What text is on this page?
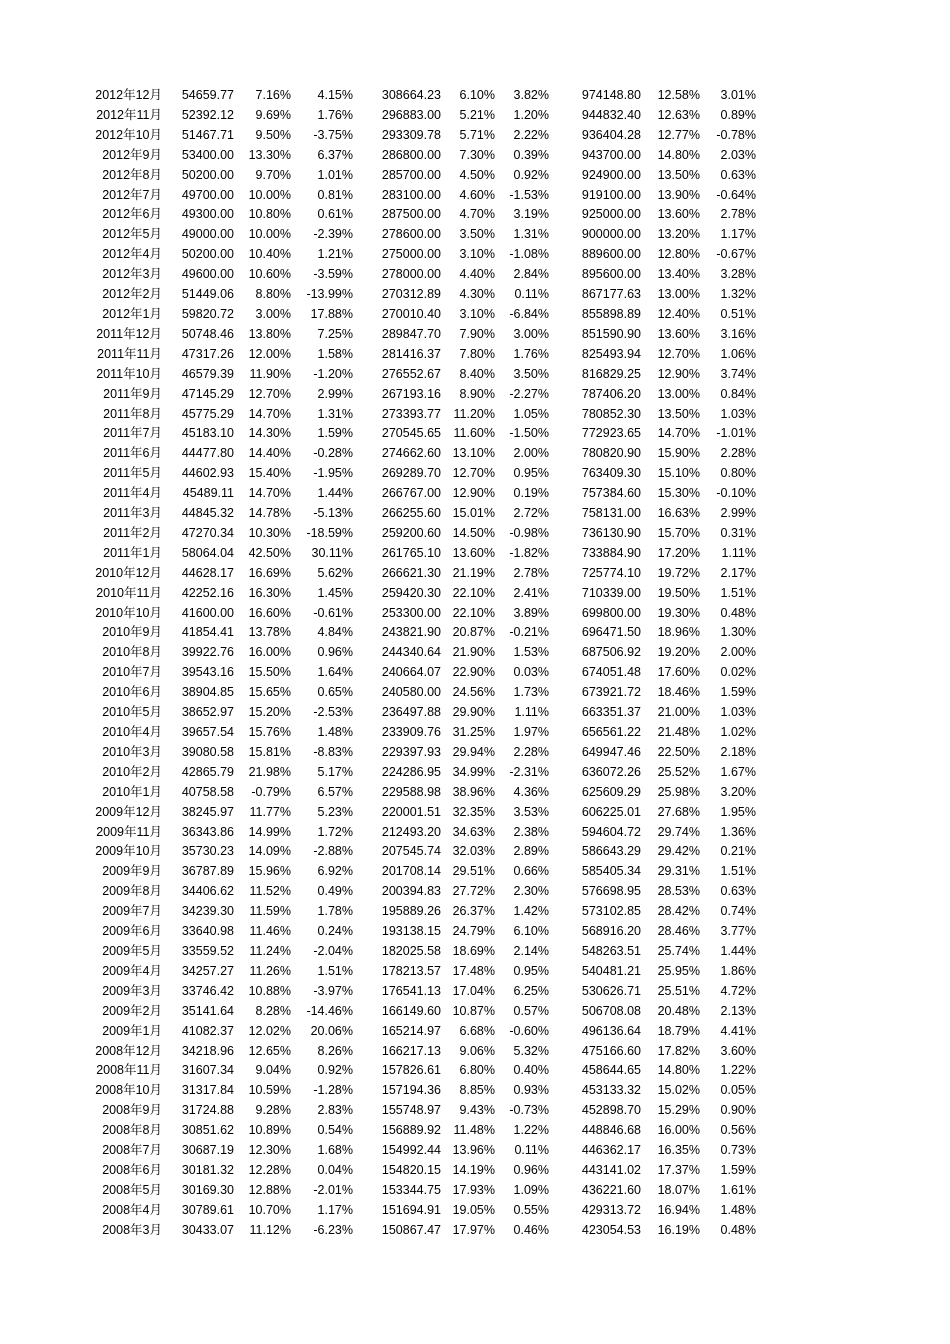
2012年12月	54659.77	7.16%	4.15%	308664.23	6.10%	3.82%	974148.80	12.58%	3.01%
2012年11月	52392.12	9.69%	1.76%	296883.00	5.21%	1.20%	944832.40	12.63%	0.89%
2012年10月	51467.71	9.50%	-3.75%	293309.78	5.71%	2.22%	936404.28	12.77%	-0.78%
2012年9月	53400.00	13.30%	6.37%	286800.00	7.30%	0.39%	943700.00	14.80%	2.03%
2012年8月	50200.00	9.70%	1.01%	285700.00	4.50%	0.92%	924900.00	13.50%	0.63%
2012年7月	49700.00	10.00%	0.81%	283100.00	4.60%	-1.53%	919100.00	13.90%	-0.64%
2012年6月	49300.00	10.80%	0.61%	287500.00	4.70%	3.19%	925000.00	13.60%	2.78%
2012年5月	49000.00	10.00%	-2.39%	278600.00	3.50%	1.31%	900000.00	13.20%	1.17%
2012年4月	50200.00	10.40%	1.21%	275000.00	3.10%	-1.08%	889600.00	12.80%	-0.67%
2012年3月	49600.00	10.60%	-3.59%	278000.00	4.40%	2.84%	895600.00	13.40%	3.28%
2012年2月	51449.06	8.80%	-13.99%	270312.89	4.30%	0.11%	867177.63	13.00%	1.32%
2012年1月	59820.72	3.00%	17.88%	270010.40	3.10%	-6.84%	855898.89	12.40%	0.51%
2011年12月	50748.46	13.80%	7.25%	289847.70	7.90%	3.00%	851590.90	13.60%	3.16%
2011年11月	47317.26	12.00%	1.58%	281416.37	7.80%	1.76%	825493.94	12.70%	1.06%
2011年10月	46579.39	11.90%	-1.20%	276552.67	8.40%	3.50%	816829.25	12.90%	3.74%
2011年9月	47145.29	12.70%	2.99%	267193.16	8.90%	-2.27%	787406.20	13.00%	0.84%
2011年8月	45775.29	14.70%	1.31%	273393.77	11.20%	1.05%	780852.30	13.50%	1.03%
2011年7月	45183.10	14.30%	1.59%	270545.65	11.60%	-1.50%	772923.65	14.70%	-1.01%
2011年6月	44477.80	14.40%	-0.28%	274662.60	13.10%	2.00%	780820.90	15.90%	2.28%
2011年5月	44602.93	15.40%	-1.95%	269289.70	12.70%	0.95%	763409.30	15.10%	0.80%
2011年4月	45489.11	14.70%	1.44%	266767.00	12.90%	0.19%	757384.60	15.30%	-0.10%
2011年3月	44845.32	14.78%	-5.13%	266255.60	15.01%	2.72%	758131.00	16.63%	2.99%
2011年2月	47270.34	10.30%	-18.59%	259200.60	14.50%	-0.98%	736130.90	15.70%	0.31%
2011年1月	58064.04	42.50%	30.11%	261765.10	13.60%	-1.82%	733884.90	17.20%	1.11%
2010年12月	44628.17	16.69%	5.62%	266621.30	21.19%	2.78%	725774.10	19.72%	2.17%
2010年11月	42252.16	16.30%	1.45%	259420.30	22.10%	2.41%	710339.00	19.50%	1.51%
2010年10月	41600.00	16.60%	-0.61%	253300.00	22.10%	3.89%	699800.00	19.30%	0.48%
2010年9月	41854.41	13.78%	4.84%	243821.90	20.87%	-0.21%	696471.50	18.96%	1.30%
2010年8月	39922.76	16.00%	0.96%	244340.64	21.90%	1.53%	687506.92	19.20%	2.00%
2010年7月	39543.16	15.50%	1.64%	240664.07	22.90%	0.03%	674051.48	17.60%	0.02%
2010年6月	38904.85	15.65%	0.65%	240580.00	24.56%	1.73%	673921.72	18.46%	1.59%
2010年5月	38652.97	15.20%	-2.53%	236497.88	29.90%	1.11%	663351.37	21.00%	1.03%
2010年4月	39657.54	15.76%	1.48%	233909.76	31.25%	1.97%	656561.22	21.48%	1.02%
2010年3月	39080.58	15.81%	-8.83%	229397.93	29.94%	2.28%	649947.46	22.50%	2.18%
2010年2月	42865.79	21.98%	5.17%	224286.95	34.99%	-2.31%	636072.26	25.52%	1.67%
2010年1月	40758.58	-0.79%	6.57%	229588.98	38.96%	4.36%	625609.29	25.98%	3.20%
2009年12月	38245.97	11.77%	5.23%	220001.51	32.35%	3.53%	606225.01	27.68%	1.95%
2009年11月	36343.86	14.99%	1.72%	212493.20	34.63%	2.38%	594604.72	29.74%	1.36%
2009年10月	35730.23	14.09%	-2.88%	207545.74	32.03%	2.89%	586643.29	29.42%	0.21%
2009年9月	36787.89	15.96%	6.92%	201708.14	29.51%	0.66%	585405.34	29.31%	1.51%
2009年8月	34406.62	11.52%	0.49%	200394.83	27.72%	2.30%	576698.95	28.53%	0.63%
2009年7月	34239.30	11.59%	1.78%	195889.26	26.37%	1.42%	573102.85	28.42%	0.74%
2009年6月	33640.98	11.46%	0.24%	193138.15	24.79%	6.10%	568916.20	28.46%	3.77%
2009年5月	33559.52	11.24%	-2.04%	182025.58	18.69%	2.14%	548263.51	25.74%	1.44%
2009年4月	34257.27	11.26%	1.51%	178213.57	17.48%	0.95%	540481.21	25.95%	1.86%
2009年3月	33746.42	10.88%	-3.97%	176541.13	17.04%	6.25%	530626.71	25.51%	4.72%
2009年2月	35141.64	8.28%	-14.46%	166149.60	10.87%	0.57%	506708.08	20.48%	2.13%
2009年1月	41082.37	12.02%	20.06%	165214.97	6.68%	-0.60%	496136.64	18.79%	4.41%
2008年12月	34218.96	12.65%	8.26%	166217.13	9.06%	5.32%	475166.60	17.82%	3.60%
2008年11月	31607.34	9.04%	0.92%	157826.61	6.80%	0.40%	458644.65	14.80%	1.22%
2008年10月	31317.84	10.59%	-1.28%	157194.36	8.85%	0.93%	453133.32	15.02%	0.05%
2008年9月	31724.88	9.28%	2.83%	155748.97	9.43%	-0.73%	452898.70	15.29%	0.90%
2008年8月	30851.62	10.89%	0.54%	156889.92	11.48%	1.22%	448846.68	16.00%	0.56%
2008年7月	30687.19	12.30%	1.68%	154992.44	13.96%	0.11%	446362.17	16.35%	0.73%
2008年6月	30181.32	12.28%	0.04%	154820.15	14.19%	0.96%	443141.02	17.37%	1.59%
2008年5月	30169.30	12.88%	-2.01%	153344.75	17.93%	1.09%	436221.60	18.07%	1.61%
2008年4月	30789.61	10.70%	1.17%	151694.91	19.05%	0.55%	429313.72	16.94%	1.48%
2008年3月	30433.07	11.12%	-6.23%	150867.47	17.97%	0.46%	423054.53	16.19%	0.48%
